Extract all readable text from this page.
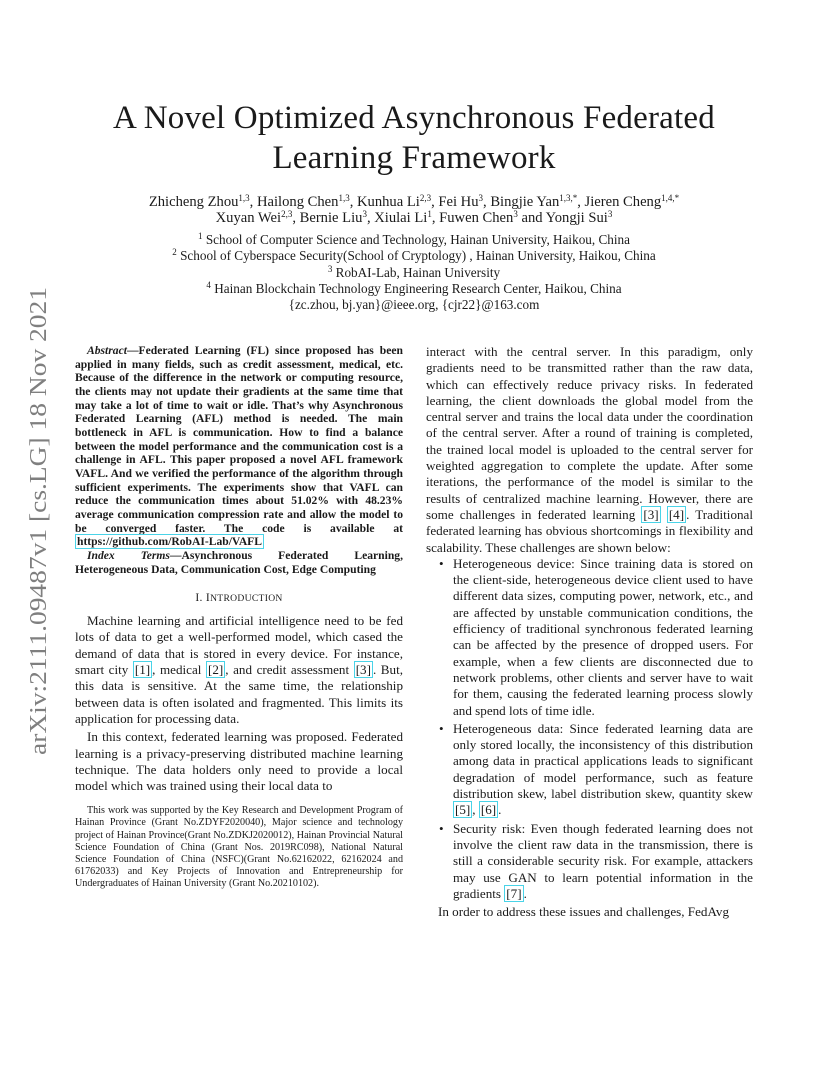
arXiv:2111.09487v1 [cs.LG] 18 Nov 2021
A Novel Optimized Asynchronous Federated
Learning Framework
Zhicheng Zhou$^{1,3}$, Hailong Chen$^{1,3}$, Kunhua Li$^{2,3}$, Fei Hu$^3$, Bingjie Yan$^{1,3,*}$, Jieren Cheng$^{1,4,*}$
Xuyan Wei$^{2,3}$, Bernie Liu$^3$, Xiulai Li$^1$, Fuwen Chen$^3$ and Yongji Sui$^3$
$^1$ School of Computer Science and Technology, Hainan University, Haikou, China
$^2$ School of Cyberspace Security(School of Cryptology) , Hainan University, Haikou, China
$^3$ RobAI-Lab, Hainan University
$^4$ Hainan Blockchain Technology Engineering Research Center, Haikou, China
{zc.zhou, bj.yan}@ieee.org, {cjr22}@163.com

Abstract—Federated Learning (FL) since proposed has been applied in many fields, such as credit assessment, medical, etc. Because of the difference in the network or computing resource, the clients may not update their gradients at the same time that may take a lot of time to wait or idle. That’s why Asynchronous Federated Learning (AFL) method is needed. The main bottleneck in AFL is communication. How to find a balance between the model performance and the communication cost is a challenge in AFL. This paper proposed a novel AFL framework VAFL. And we verified the performance of the algorithm through sufficient experiments. The experiments show that VAFL can reduce the communication times about 51.02% with 48.23% average communication compression rate and allow the model to be converged faster. The code is available at https://github.com/RobAI-Lab/VAFL

Index Terms—Asynchronous Federated Learning, Heterogeneous Data, Communication Cost, Edge Computing

I. INTRODUCTION

Machine learning and artificial intelligence need to be fed lots of data to get a well-performed model, which cased the demand of data that is stored in every device. For instance, smart city [1] , medical [2] , and credit assessment [3] . But, this data is sensitive. At the same time, the relationship between data is often isolated and fragmented. This limits its application for processing data.

In this context, federated learning was proposed. Federated learning is a privacy-preserving distributed machine learning technique. The data holders only need to provide a local model which was trained using their local data to

This work was supported by the Key Research and Development Program of Hainan Province (Grant No.ZDYF2020040), Major science and technology project of Hainan Province(Grant No.ZDKJ2020012), Hainan Provincial Natural Science Foundation of China (Grant Nos. 2019RC098), National Natural Science Foundation of China (NSFC)(Grant No.62162022, 62162024 and 61762033) and Key Projects of Innovation and Entrepreneurship for Undergraduates of Hainan University (Grant No.20210102).

interact with the central server. In this paradigm, only gradients need to be transmitted rather than the raw data, which can effectively reduce privacy risks. In federated learning, the client downloads the global model from the central server and trains the local data under the coordination of the central server. After a round of training is completed, the trained local model is uploaded to the central server for weighted aggregation to complete the update. After some iterations, the performance of the model is similar to the results of centralized machine learning. However, there are some challenges in federated learning [3] [4] . Traditional federated learning has obvious shortcomings in flexibility and scalability. These challenges are shown below:

• Heterogeneous device: Since training data is stored on the client-side, heterogeneous device client used to have different data sizes, computing power, network, etc., and are affected by unstable communication conditions, the efficiency of traditional synchronous federated learning can be affected by the presence of dropped users. For example, when a few clients are disconnected due to network problems, other clients and server have to wait for them, causing the federated learning process slowly and spend lots of time idle.
• Heterogeneous data: Since federated learning data are only stored locally, the inconsistency of this distribution among data in practical applications leads to significant degradation of model performance, such as feature distribution skew, label distribution skew, quantity skew [5] , [6] .
• Security risk: Even though federated learning does not involve the client raw data in the transmission, there is still a considerable security risk. For example, attackers may use GAN to learn potential information in the gradients [7] .

In order to address these issues and challenges, FedAvg
